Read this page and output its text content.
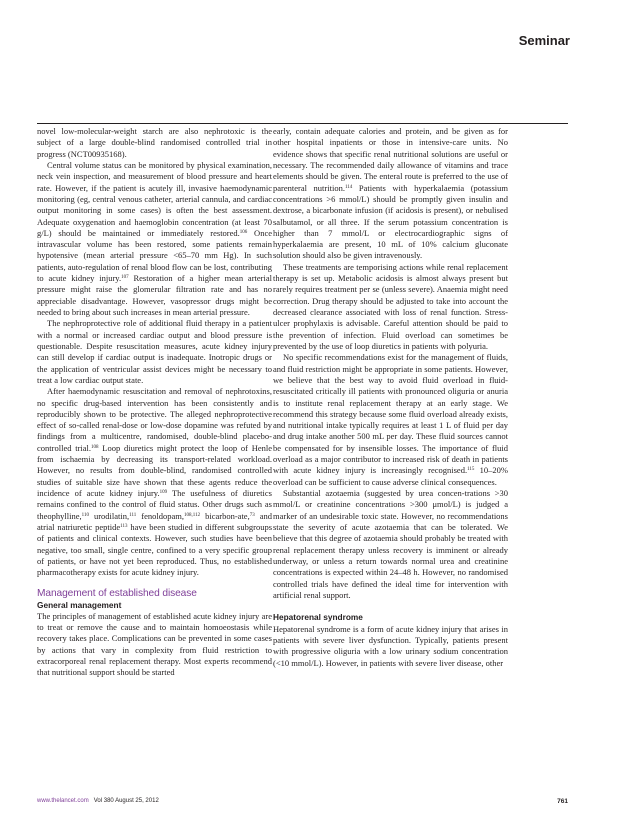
Seminar

novel low-molecular-weight starch are also nephrotoxic is the subject of a large double-blind randomised controlled trial in progress (NCT00935168).

Central volume status can be monitored by physical examination, neck vein inspection, and measurement of blood pressure and heart rate. However, if the patient is acutely ill, invasive haemodynamic monitoring (eg, central venous catheter, arterial cannula, and cardiac output monitoring in some cases) is often the best assessment. Adequate oxygenation and haemoglobin concentration (at least 70 g/L) should be maintained or immediately restored.$^{106}$ Once intravascular volume has been restored, some patients remain hypotensive (mean arterial pressure <65–70 mm Hg). In such patients, auto-regulation of renal blood flow can be lost, contributing to acute kidney injury.$^{107}$ Restoration of a higher mean arterial pressure might raise the glomerular filtration rate and has no appreciable disadvantage. However, vasopressor drugs might be needed to bring about such increases in mean arterial pressure.

The nephroprotective role of additional fluid therapy in a patient with a normal or increased cardiac output and blood pressure is questionable. Despite resuscitation measures, acute kidney injury can still develop if cardiac output is inadequate. Inotropic drugs or the application of ventricular assist devices might be necessary to treat a low cardiac output state.

After haemodynamic resuscitation and removal of nephrotoxins, no specific drug-based intervention has been consistently and reproducibly shown to be protective. The alleged nephroprotective effect of so-called renal-dose or low-dose dopamine was refuted by findings from a multicentre, randomised, double-blind placebo-controlled trial.$^{108}$ Loop diuretics might protect the loop of Henle from ischaemia by decreasing its transport-related workload. However, no results from double-blind, randomised controlled studies of suitable size have shown that these agents reduce the incidence of acute kidney injury.$^{109}$ The usefulness of diuretics remains confined to the control of fluid status. Other drugs such as theophylline,$^{110}$ urodilatin,$^{111}$ fenoldopam,$^{108,112}$ bicarbon-ate,$^{73}$ and atrial natriuretic peptide$^{113}$ have been studied in different subgroups of patients and clinical contexts. However, such studies have been negative, too small, single centre, confined to a very specific group of patients, or have not yet been reproduced. Thus, no established pharmacotherapy exists for acute kidney injury.

Management of established disease
General management

The principles of management of established acute kidney injury are to treat or remove the cause and to maintain homoeostasis while recovery takes place. Complications can be prevented in some cases by actions that vary in complexity from fluid restriction to extracorporeal renal replacement therapy. Most experts recommend that nutritional support should be started

early, contain adequate calories and protein, and be given as for other hospital inpatients or those in intensive-care units. No evidence shows that specific renal nutritional solutions are useful or necessary. The recommended daily allowance of vitamins and trace elements should be given. The enteral route is preferred to the use of parenteral nutrition.$^{114}$ Patients with hyperkalaemia (potassium concentrations >6 mmol/L) should be promptly given insulin and dextrose, a bicarbonate infusion (if acidosis is present), or nebulised salbutamol, or all three. If the serum potassium concentration is higher than 7 mmol/L or electrocardiographic signs of hyperkalaemia are present, 10 mL of 10% calcium gluconate solution should also be given intravenously.

These treatments are temporising actions while renal replacement therapy is set up. Metabolic acidosis is almost always present but rarely requires treatment per se (unless severe). Anaemia might need correction. Drug therapy should be adjusted to take into account the decreased clearance associated with loss of renal function. Stress-ulcer prophylaxis is advisable. Careful attention should be paid to the prevention of infection. Fluid overload can sometimes be prevented by the use of loop diuretics in patients with polyuria.

No specific recommendations exist for the management of fluids, and fluid restriction might be appropriate in some patients. However, we believe that the best way to avoid fluid overload in fluid-resuscitated critically ill patients with pronounced oliguria or anuria is to institute renal replacement therapy at an early stage. We recommend this strategy because some fluid overload already exists, and nutritional intake typically requires at least 1 L of fluid per day and drug intake another 500 mL per day. These fluid sources cannot be compensated for by insensible losses. The importance of fluid overload as a major contributor to increased risk of death in patients with acute kidney injury is increasingly recognised.$^{115}$ 10–20% overload can be sufficient to cause adverse clinical consequences.

Substantial azotaemia (suggested by urea concen-trations >30 mmol/L or creatinine concentrations >300 μmol/L) is judged a marker of an undesirable toxic state. However, no recommendations state the severity of acute azotaemia that can be tolerated. We believe that this degree of azotaemia should probably be treated with renal replacement therapy unless recovery is imminent or already underway, or unless a return towards normal urea and creatinine concentrations is expected within 24–48 h. However, no randomised controlled trials have defined the ideal time for intervention with artificial renal support.

Hepatorenal syndrome

Hepatorenal syndrome is a form of acute kidney injury that arises in patients with severe liver dysfunction. Typically, patients present with progressive oliguria with a low urinary sodium concentration (<10 mmol/L). However, in patients with severe liver disease, other

www.thelancet.com Vol 380 August 25, 2012	761
